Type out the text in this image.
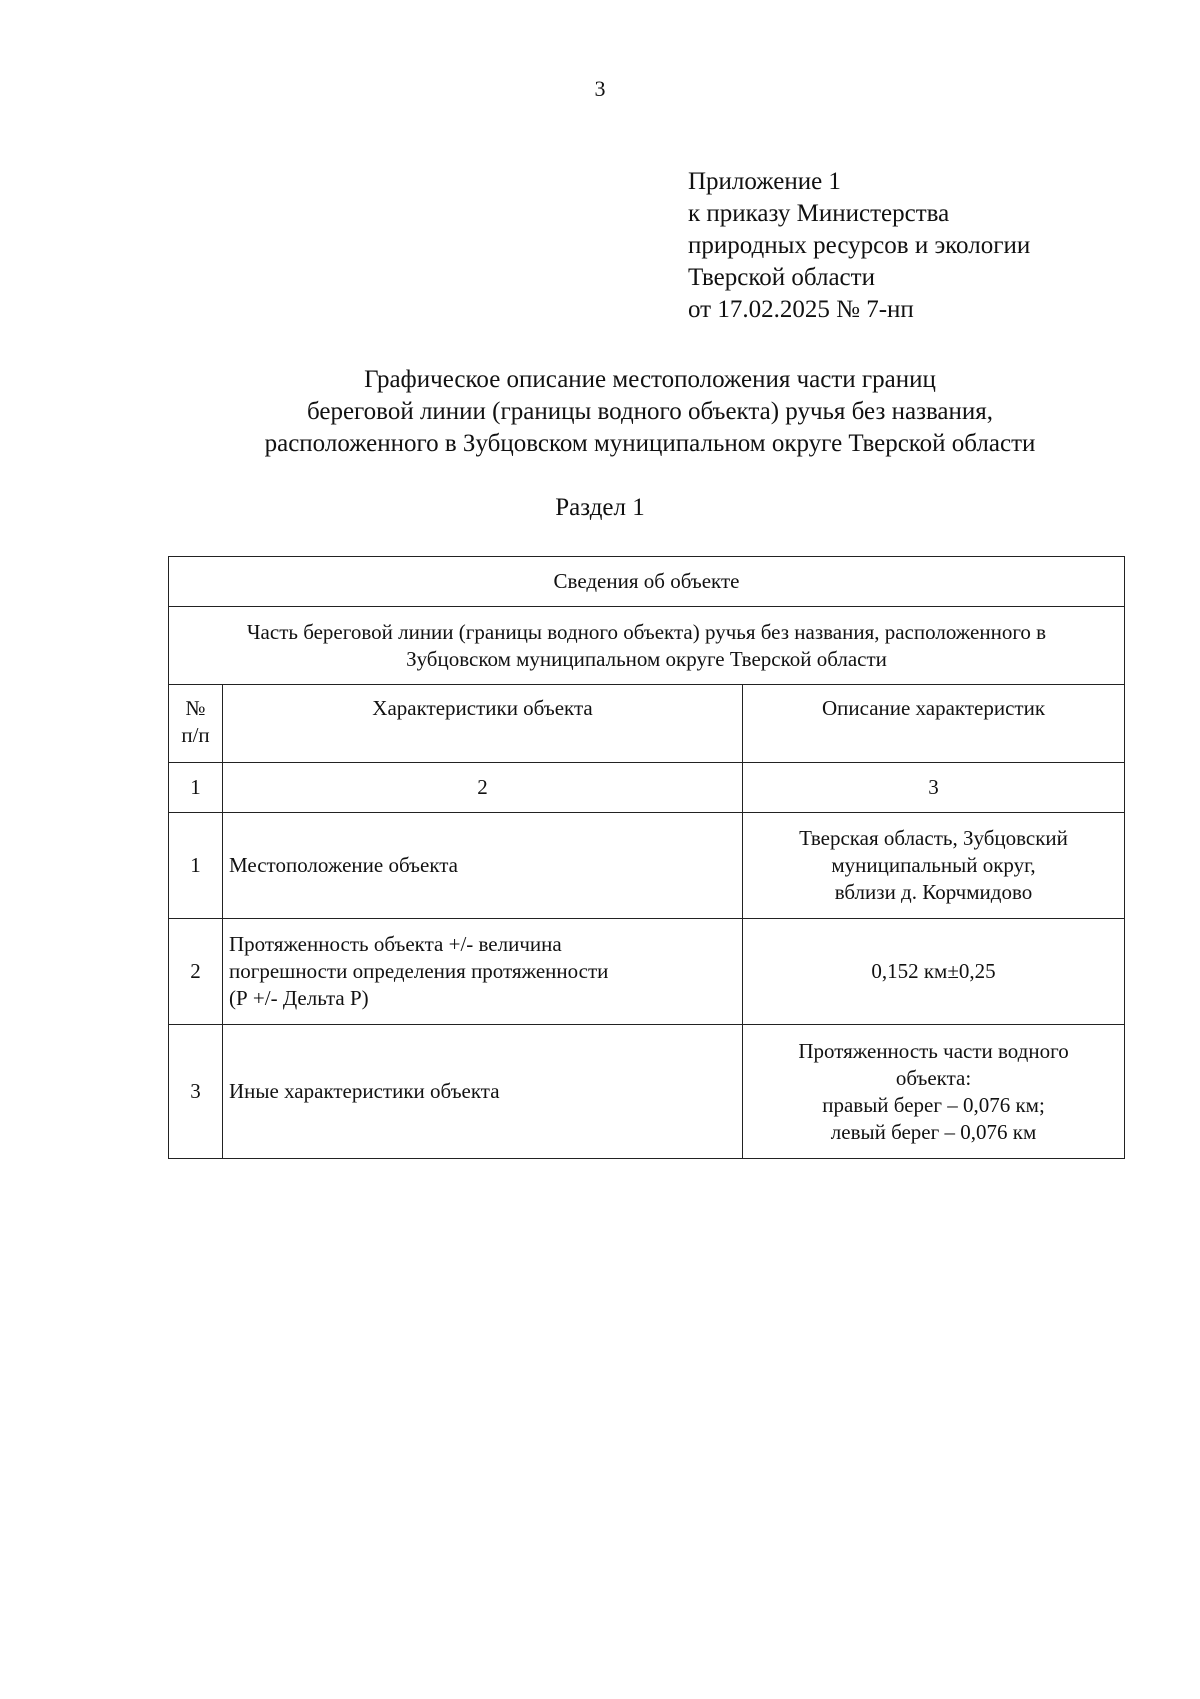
3
Приложение 1
к приказу Министерства
природных ресурсов и экологии
Тверской области
от 17.02.2025 № 7-нп
Графическое описание местоположения части границ
береговой линии (границы водного объекта) ручья без названия,
расположенного в Зубцовском муниципальном округе Тверской области
Раздел 1
Сведения об объекте		

Часть береговой линии (границы водного объекта) ручья без названия, расположенного в
Зубцовском муниципальном округе Тверской области		

№
п/п	Характеристики объекта	Описание характеристик
1	2	3
1	Местоположение объекта	Тверская область, Зубцовский
муниципальный округ,
вблизи д. Корчмидово

2	Протяженность объекта +/- величина
погрешности определения протяженности
(Р +/- Дельта Р)	0,152 км±0,25

3	Иные характеристики объекта	Протяженность части водного
объекта:
правый берег – 0,076 км;
левый берег – 0,076 км
